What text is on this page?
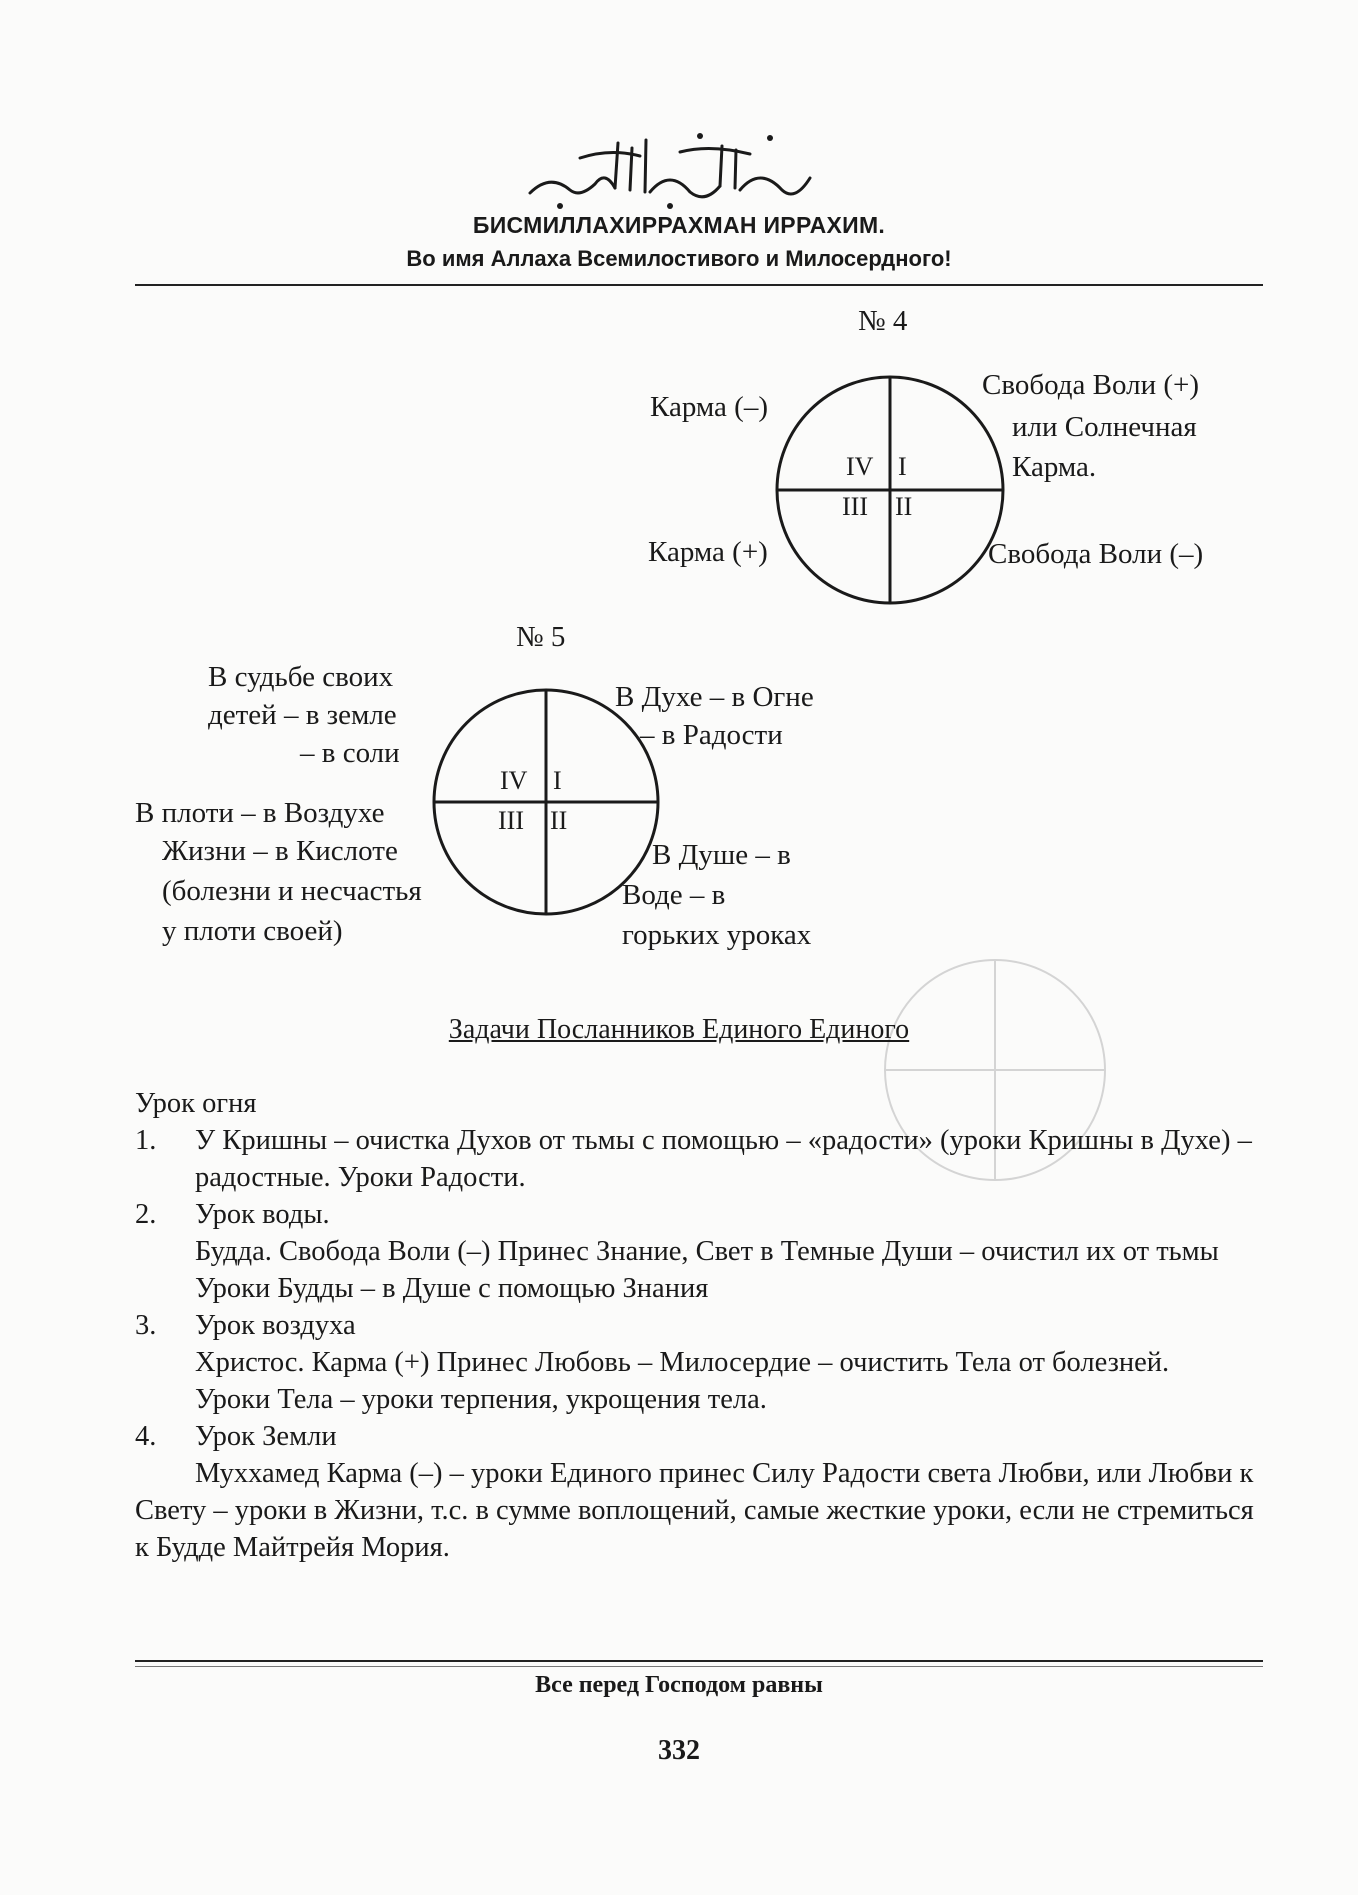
БИСМИЛЛАХИРРАХМАН ИРРАХИМ.
Во имя Аллаха Всемилостивого и Милосердного!
№ 4
IV I
III II
Карма (–)
Свобода Воли (+)
или Солнечная
Карма.
Карма (+)	Свобода Воли (–)
№ 5
IV I
III II
В судьбе своих
детей – в земле
– в соли
В Духе – в Огне
– в Радости
В плоти – в Воздухе
Жизни – в Кислоте
(болезни и несчастья
у плоти своей)
В Душе – в
Воде – в
горьких уроках
Задачи Посланников Единого Единого
Урок огня
1. У Кришны – очистка Духов от тьмы с помощью – «радости» (уроки Кришны в Духе) – радостные. Уроки Радости.
2. Урок воды.
Будда. Свобода Воли (–) Принес Знание, Свет в Темные Души – очистил их от тьмы
Уроки Будды – в Душе с помощью Знания
3. Урок воздуха
Христос. Карма (+) Принес Любовь – Милосердие – очистить Тела от болезней.
Уроки Тела – уроки терпения, укрощения тела.
4. Урок Земли
Муххамед Карма (–) – уроки Единого принес Силу Радости света Любви, или Любви к Свету – уроки в Жизни, т.с. в сумме воплощений, самые жесткие уроки, если не стремиться к Будде Майтрейя Мория.
Все перед Господом равны
332
